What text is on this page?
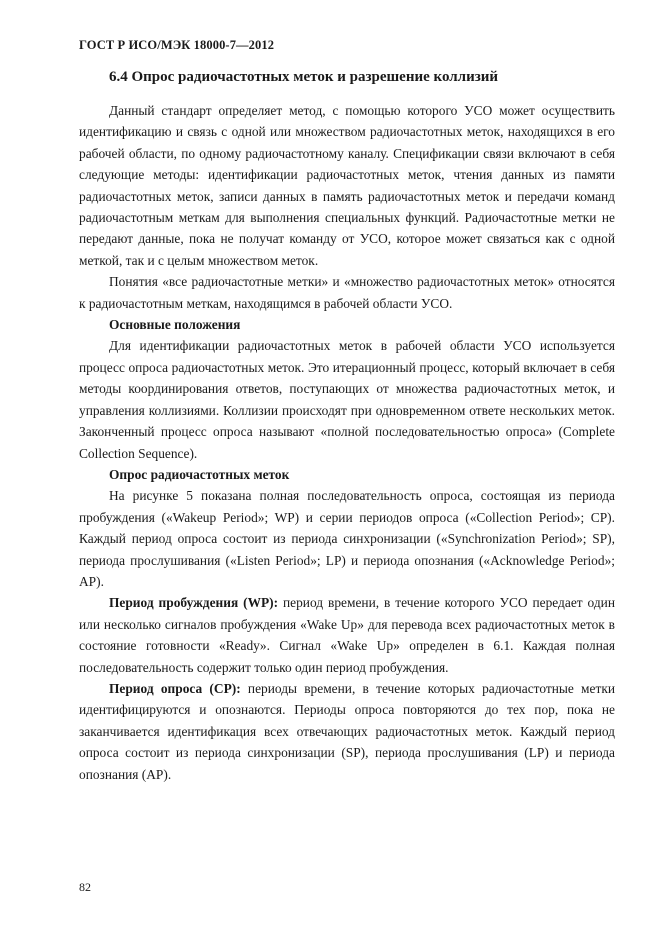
ГОСТ Р ИСО/МЭК 18000-7—2012
6.4 Опрос радиочастотных меток и разрешение коллизий

Данный стандарт определяет метод, с помощью которого УСО может осуществить идентификацию и связь с одной или множеством радиочастотных меток, находящихся в его рабочей области, по одному радиочастотному каналу. Спецификации связи включают в себя следующие методы: идентификации радиочастотных меток, чтения данных из памяти радиочастотных меток, записи данных в память радиочастотных меток и передачи команд радиочастотным меткам для выполнения специальных функций. Радиочастотные метки не передают данные, пока не получат команду от УСО, которое может связаться как с одной меткой, так и с целым множеством меток.

Понятия «все радиочастотные метки» и «множество радиочастотных меток» относятся к радиочастотным меткам, находящимся в рабочей области УСО.

Основные положения

Для идентификации радиочастотных меток в рабочей области УСО используется процесс опроса радиочастотных меток. Это итерационный процесс, который включает в себя методы координирования ответов, поступающих от множества радиочастотных меток, и управления коллизиями. Коллизии происходят при одновременном ответе нескольких меток. Законченный процесс опроса называют «полной последовательностью опроса» (Complete Collection Sequence).

Опрос радиочастотных меток

На рисунке 5 показана полная последовательность опроса, состоящая из периода пробуждения («Wakeup Period»; WP) и серии периодов опроса («Collection Period»; CP). Каждый период опроса состоит из периода синхронизации («Synchronization Period»; SP), периода прослушивания («Listen Period»; LP) и периода опознания («Acknowledge Period»; AP).

Период пробуждения (WP): период времени, в течение которого УСО передает один или несколько сигналов пробуждения «Wake Up» для перевода всех радиочастотных меток в состояние готовности «Ready». Сигнал «Wake Up» определен в 6.1. Каждая полная последовательность содержит только один период пробуждения.

Период опроса (CP): периоды времени, в течение которых радиочастотные метки идентифицируются и опознаются. Периоды опроса повторяются до тех пор, пока не заканчивается идентификация всех отвечающих радиочастотных меток. Каждый период опроса состоит из периода синхронизации (SP), периода прослушивания (LP) и периода опознания (AP).

82
